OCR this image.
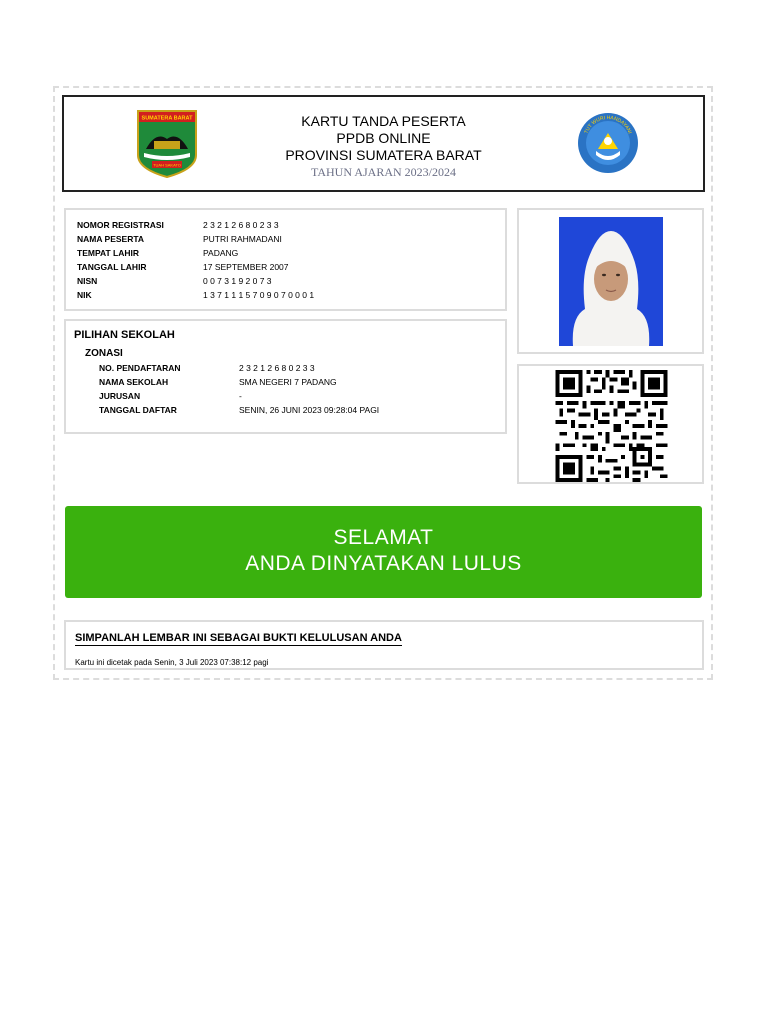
SUMATERA BARAT
TUAH SAKATO
KARTU TANDA PESERTA
PPDB ONLINE
PROVINSI SUMATERA BARAT
TAHUN AJARAN 2023/2024
TUT WURI HANDAYANI
NOMOR REGISTRASI	2 3 2 1 2 6 8 0 2 3 3
NAMA PESERTA	PUTRI RAHMADANI
TEMPAT LAHIR	PADANG
TANGGAL LAHIR	17 SEPTEMBER 2007
NISN	0 0 7 3 1 9 2 0 7 3
NIK	1 3 7 1 1 1 5 7 0 9 0 7 0 0 0 1
PILIHAN SEKOLAH
ZONASI
NO. PENDAFTARAN	2 3 2 1 2 6 8 0 2 3 3
NAMA SEKOLAH	SMA NEGERI 7 PADANG
JURUSAN	-
TANGGAL DAFTAR	SENIN, 26 JUNI 2023 09:28:04 PAGI
SELAMAT
ANDA DINYATAKAN LULUS
SIMPANLAH LEMBAR INI SEBAGAI BUKTI KELULUSAN ANDA
Kartu ini dicetak pada Senin, 3 Juli 2023 07:38:12 pagi
